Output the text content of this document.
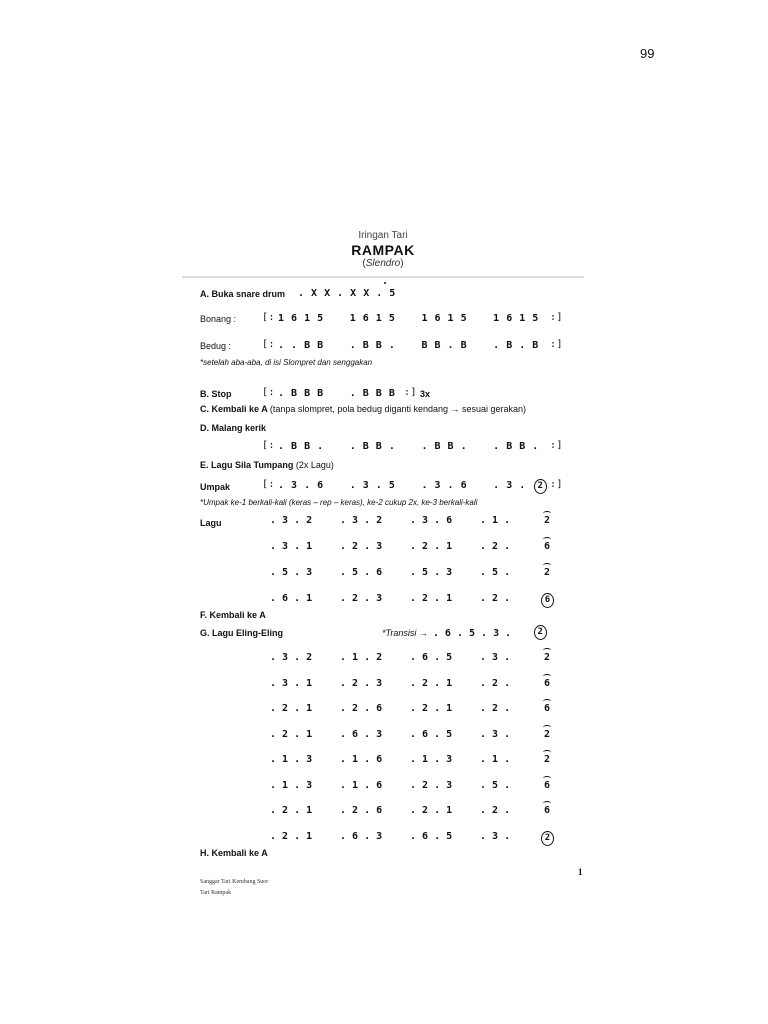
99
Iringan Tari
RAMPAK
(Slendro)
A. Buka snare drum . X X . X X . 5
Bonang :	[: 1 6 1 5    1 6 1 5    1 6 1 5    1 6 1 5 :]
Bedug :	[: . . B B    . B B .    B B . B    . B . B :]
*setelah aba-aba, di isi Slompret dan senggakan
B. Stop	[: . B B B    . B B B :] 3x
C. Kembali ke A (tanpa slompret, pola bedug diganti kendang → sesuai gerakan)
D. Malang kerik
[: . B B .    . B B .    . B B .    . B B . :]
E. Lagu Sila Tumpang (2x Lagu)
Umpak	[: . 3 . 6    . 3 . 5    . 3 . 6    . 3 .	2 :]
*Umpak ke-1 berkali-kali (keras – rep – keras), ke-2 cukup 2x, ke-3 berkali-kali
Lagu	. 3 . 2	. 3 . 2	. 3 . 6	. 1 .	2
. 3 . 1	. 2 . 3	. 2 . 1	. 2 .	6
. 5 . 3	. 5 . 6	. 5 . 3	. 5 .	2
. 6 . 1	. 2 . 3	. 2 . 1	. 2 .	6
F. Kembali ke A
G. Lagu Eling-Eling	*Transisi → . 6 . 5 . 3 .	2
. 3 . 2	. 1 . 2	. 6 . 5	. 3 .	2
. 3 . 1	. 2 . 3	. 2 . 1	. 2 .	6
. 2 . 1	. 2 . 6	. 2 . 1	. 2 .	6
. 2 . 1	. 6 . 3	. 6 . 5	. 3 .	2
. 1 . 3	. 1 . 6	. 1 . 3	. 1 .	2
. 1 . 3	. 1 . 6	. 2 . 3	. 5 .	6
. 2 . 1	. 2 . 6	. 2 . 1	. 2 .	6
. 2 . 1	. 6 . 3	. 6 . 5	. 3 .	2
H. Kembali ke A
Sanggar Tari Kembang Suor
Tari Rampak
1
